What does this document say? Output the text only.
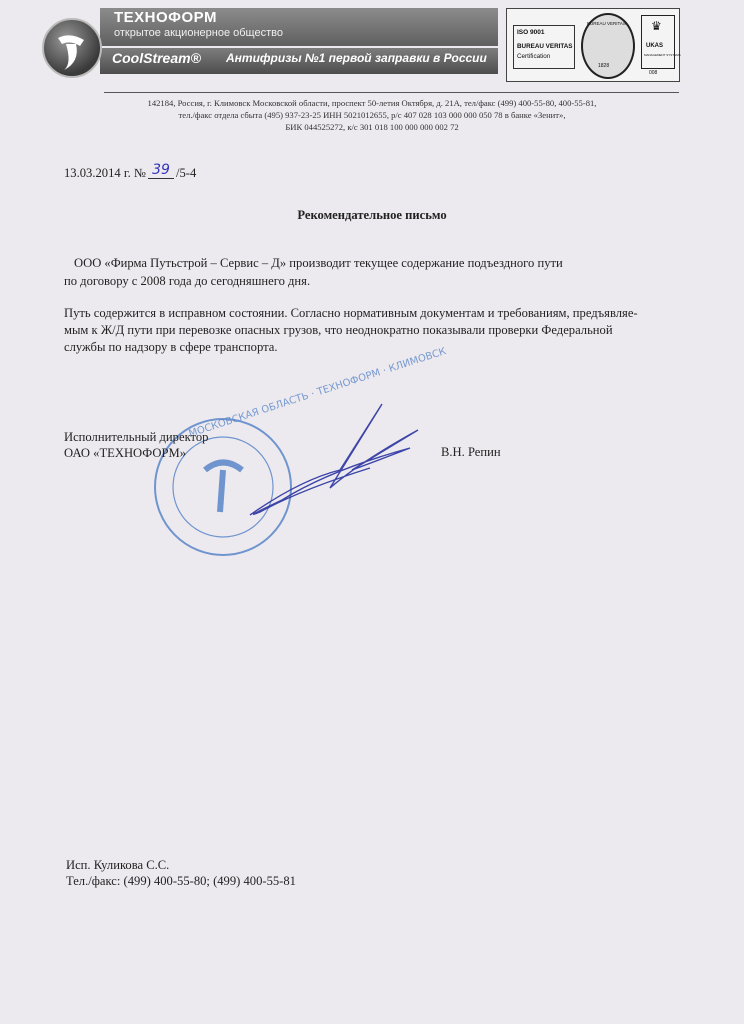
ТЕХНОФОРМ
открытое акционерное общество
CoolStream® Антифризы №1 первой заправки в России
ISO 9001
BUREAU VERITAS
Certification
BUREAU VERITAS
1828
♛
UKAS
MANAGEMENT SYSTEMS
008
142184, Россия, г. Климовск Московской области, проспект 50-летия Октября, д. 21А, тел/факс (499) 400-55-80, 400-55-81,
тел./факс отдела сбыта (495) 937-23-25 ИНН 5021012655, р/с 407 028 103 000 000 050 78 в банке «Зенит»,
БИК 044525272, к/с 301 018 100 000 000 002 72
13.03.2014 г. № 39 /5-4
Рекомендательное письмо
ООО «Фирма Путьстрой – Сервис – Д» производит текущее содержание подъездного пути
по договору с 2008 года до сегодняшнего дня.
Путь содержится в исправном состоянии. Согласно нормативным документам и требованиям, предъявляе-
мым к Ж/Д пути при перевозке опасных грузов, что неоднократно показывали проверки Федеральной
службы по надзору в сфере транспорта.
МОСКОВСКАЯ ОБЛАСТЬ · ТЕХНОФОРМ · КЛИМОВСК
Исполнительный директор
ОАО «ТЕХНОФОРМ»	В.Н. Репин
Исп. Куликова С.С.
Тел./факс: (499) 400-55-80; (499) 400-55-81
